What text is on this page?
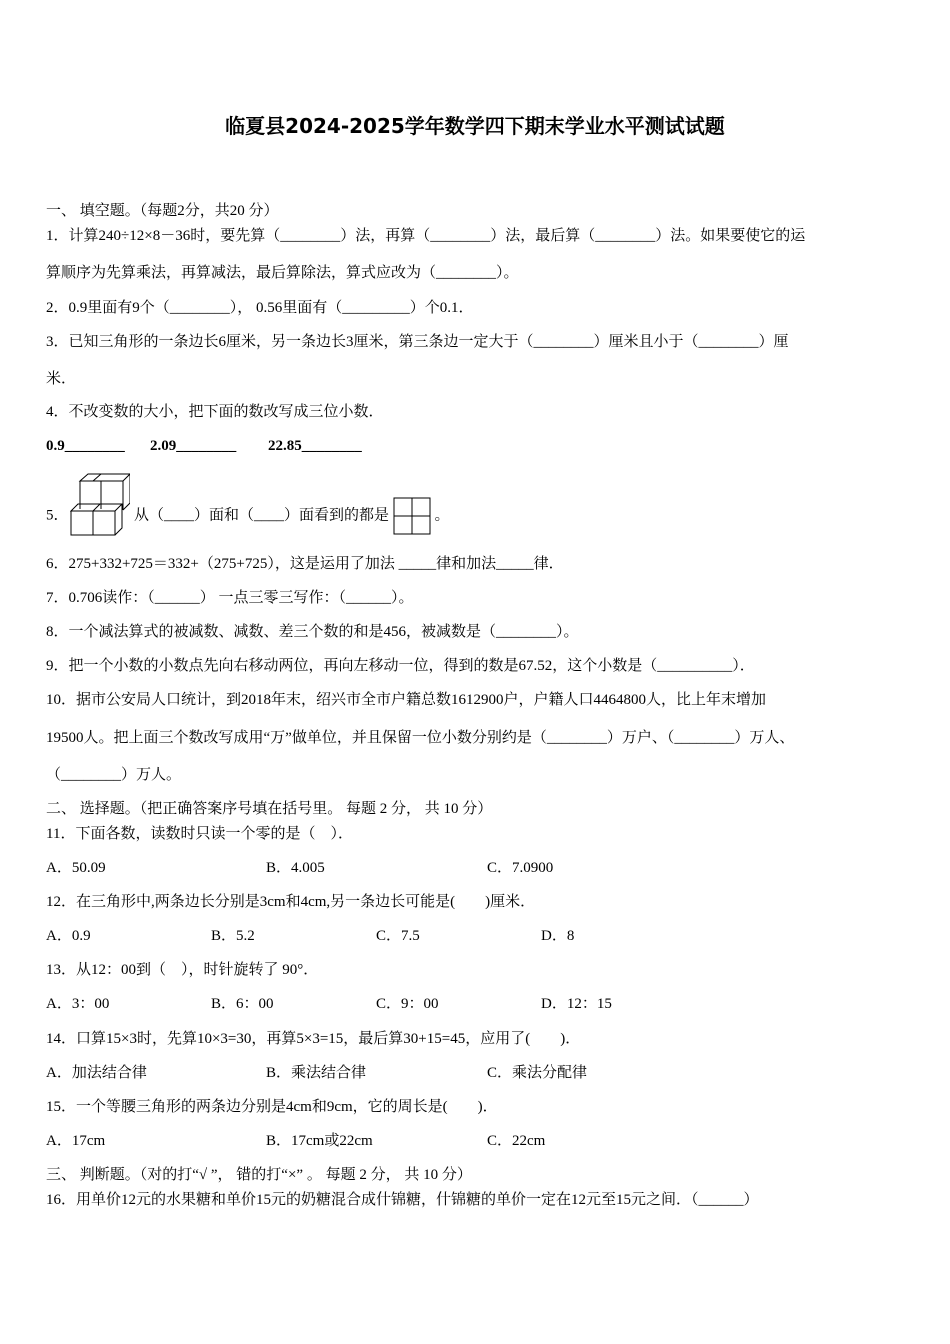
临夏县2024-2025学年数学四下期末学业水平测试试题
一、 填空题。（每题2分，共20 分）
1．计算240÷12×8－36时，要先算（________）法，再算（________）法，最后算（________）法。如果要使它的运
算顺序为先算乘法，再算减法，最后算除法，算式应改为（________）。
2．0.9里面有9个（________）， 0.56里面有（_________）个0.1．
3．已知三角形的一条边长6厘米，另一条边长3厘米，第三条边一定大于（________）厘米且小于（________）厘
米．
4．不改变数的大小，把下面的数改写成三位小数．
0.9________ 2.09________ 22.85________
5．	从（____）面和（____）面看到的都是	。
6．275+332+725＝332+（275+725），这是运用了加法 _____律和加法_____律．
7．0.706读作：（______） 一点三零三写作：（______）。
8．一个减法算式的被减数、减数、差三个数的和是456，被减数是（________）。
9．把一个小数的小数点先向右移动两位，再向左移动一位，得到的数是67.52，这个小数是（__________）．
10．据市公安局人口统计，到2018年末，绍兴市全市户籍总数1612900户，户籍人口4464800人，比上年末增加
19500人。把上面三个数改写成用“万”做单位，并且保留一位小数分别约是（________）万户、（________）万人、
（________）万人。
二、 选择题。（把正确答案序号填在括号里。 每题 2 分， 共 10 分）
11．下面各数，读数时只读一个零的是（　）．
A．50.09	B．4.005	C．7.0900
12．在三角形中,两条边长分别是3cm和4cm,另一条边长可能是(　　)厘米．
A．0.9	B．5.2	C．7.5	D．8
13．从12：00到（　），时针旋转了 90°．
A．3：00	B．6：00	C．9：00	D．12：15
14．口算15×3时，先算10×3=30，再算5×3=15，最后算30+15=45，应用了(　　)．
A．加法结合律	B．乘法结合律	C．乘法分配律
15．一个等腰三角形的两条边分别是4cm和9cm，它的周长是(　　)．
A．17cm	B．17cm或22cm	C．22cm
三、 判断题。（对的打“√ ”， 错的打“×” 。 每题 2 分， 共 10 分）
16．用单价12元的水果糖和单价15元的奶糖混合成什锦糖，什锦糖的单价一定在12元至15元之间．（______）
